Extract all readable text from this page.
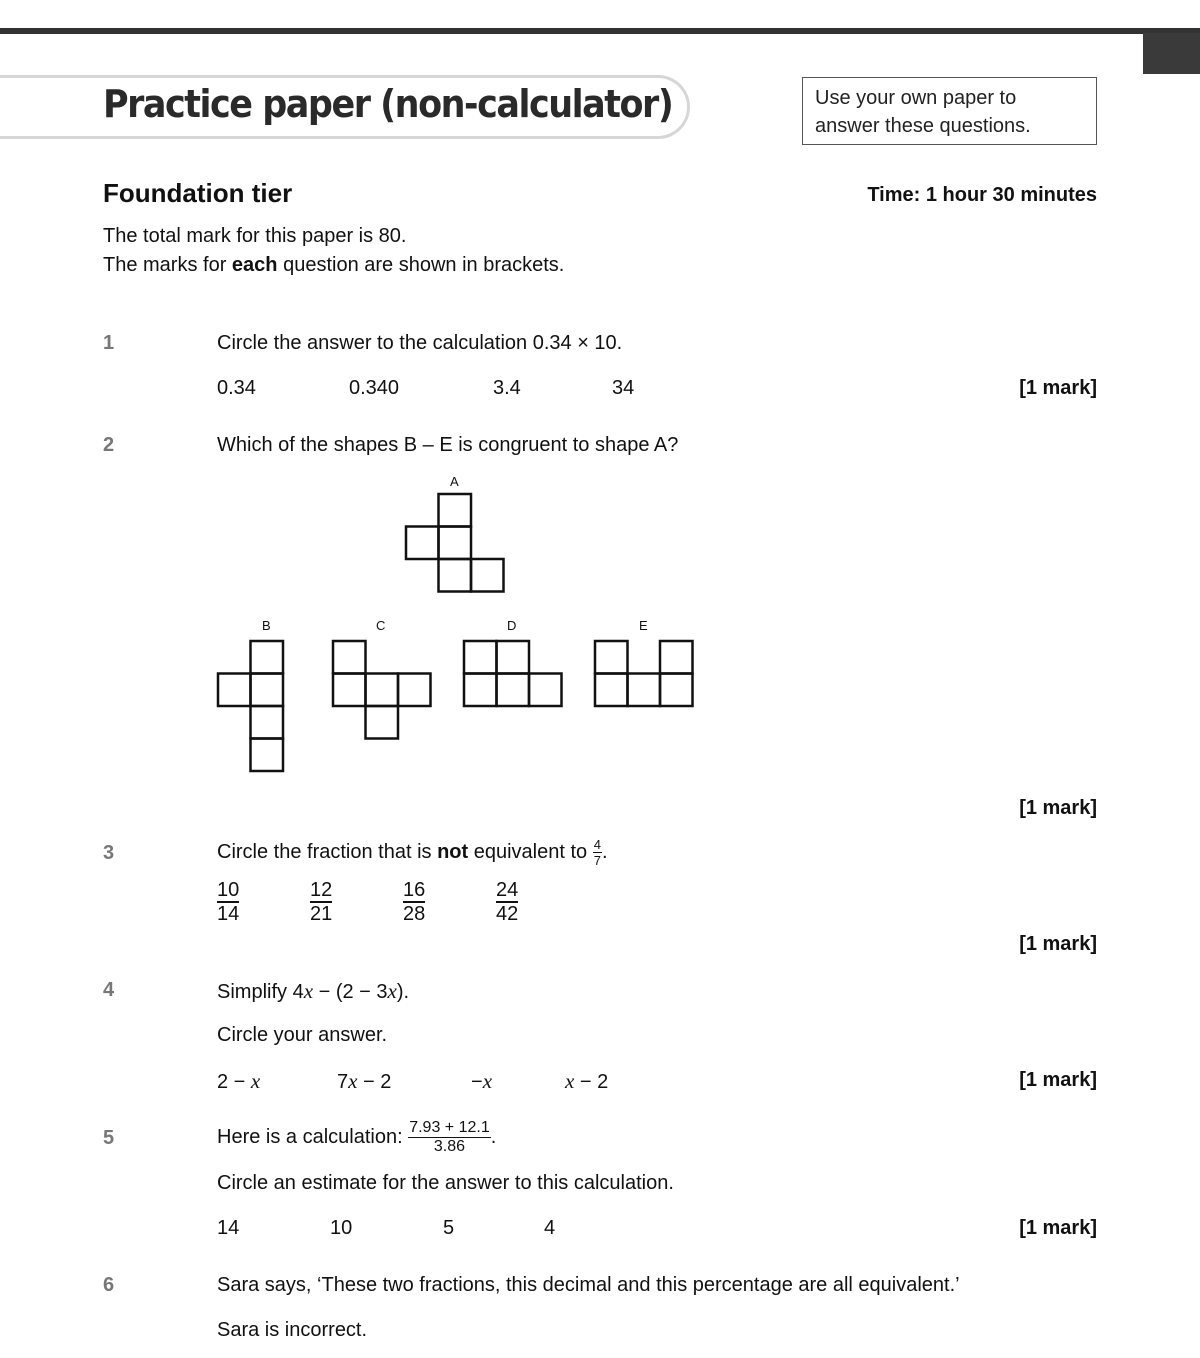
Practice paper (non-calculator)	Use your own paper to
answer these questions.
Foundation tier	Time: 1 hour 30 minutes
The total mark for this paper is 80.
The marks for each question are shown in brackets.
1	Circle the answer to the calculation 0.34 × 10.
0.34	0.340	3.4	34	[1 mark]
2	Which of the shapes B – E is congruent to shape A?
A
B	C	D	E
[1 mark]
3	Circle the fraction that is not equivalent to $\frac{4}{7}$ .
$\frac{10}{14}$	$\frac{12}{21}$	$\frac{16}{28}$	$\frac{24}{42}$
[1 mark]
4	Simplify 4x − (2 − 3x).
Circle your answer.
2 − x	7x − 2	−x	x − 2	[1 mark]
5	Here is a calculation: $\frac{7.93 + 12.1}{3.86}$ .
Circle an estimate for the answer to this calculation.
14	10	5	4	[1 mark]
6	Sara says, ‘These two fractions, this decimal and this percentage are all equivalent.’
Sara is incorrect.
